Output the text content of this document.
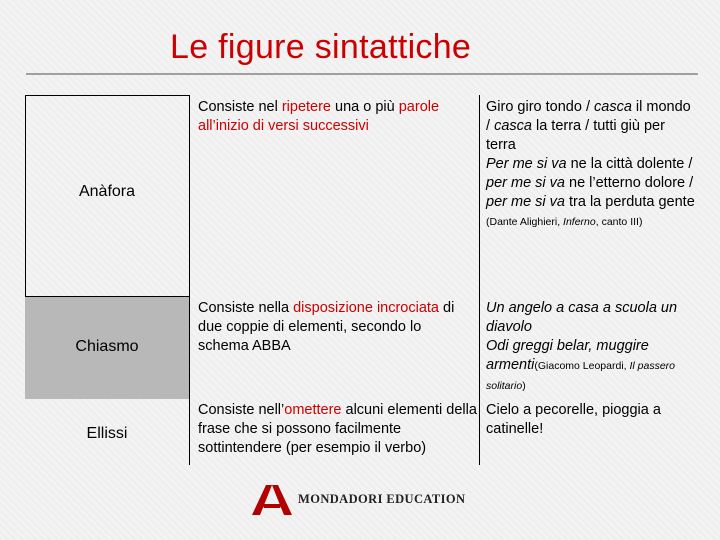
Le figure sintattiche
Anàfora
Chiasmo
Ellissi
Consiste nel ripetere una o più parole all’inizio di versi successivi
Consiste nella disposizione incrociata di due coppie di elementi, secondo lo schema ABBA
Consiste nell’omettere alcuni elementi della frase che si possono facilmente sottintendere (per esempio il verbo)
Giro giro tondo / casca il mondo / casca la terra / tutti giù per terra
Per me si va ne la città dolente / per me si va ne l’etterno dolore / per me si va tra la perduta gente (Dante Alighieri, Inferno, canto III)
Un angelo a casa a scuola un diavolo
Odi greggi belar, muggire armenti(Giacomo Leopardi, Il passero solitario)
Cielo a pecorelle, pioggia a catinelle!
MONDADORI EDUCATION
